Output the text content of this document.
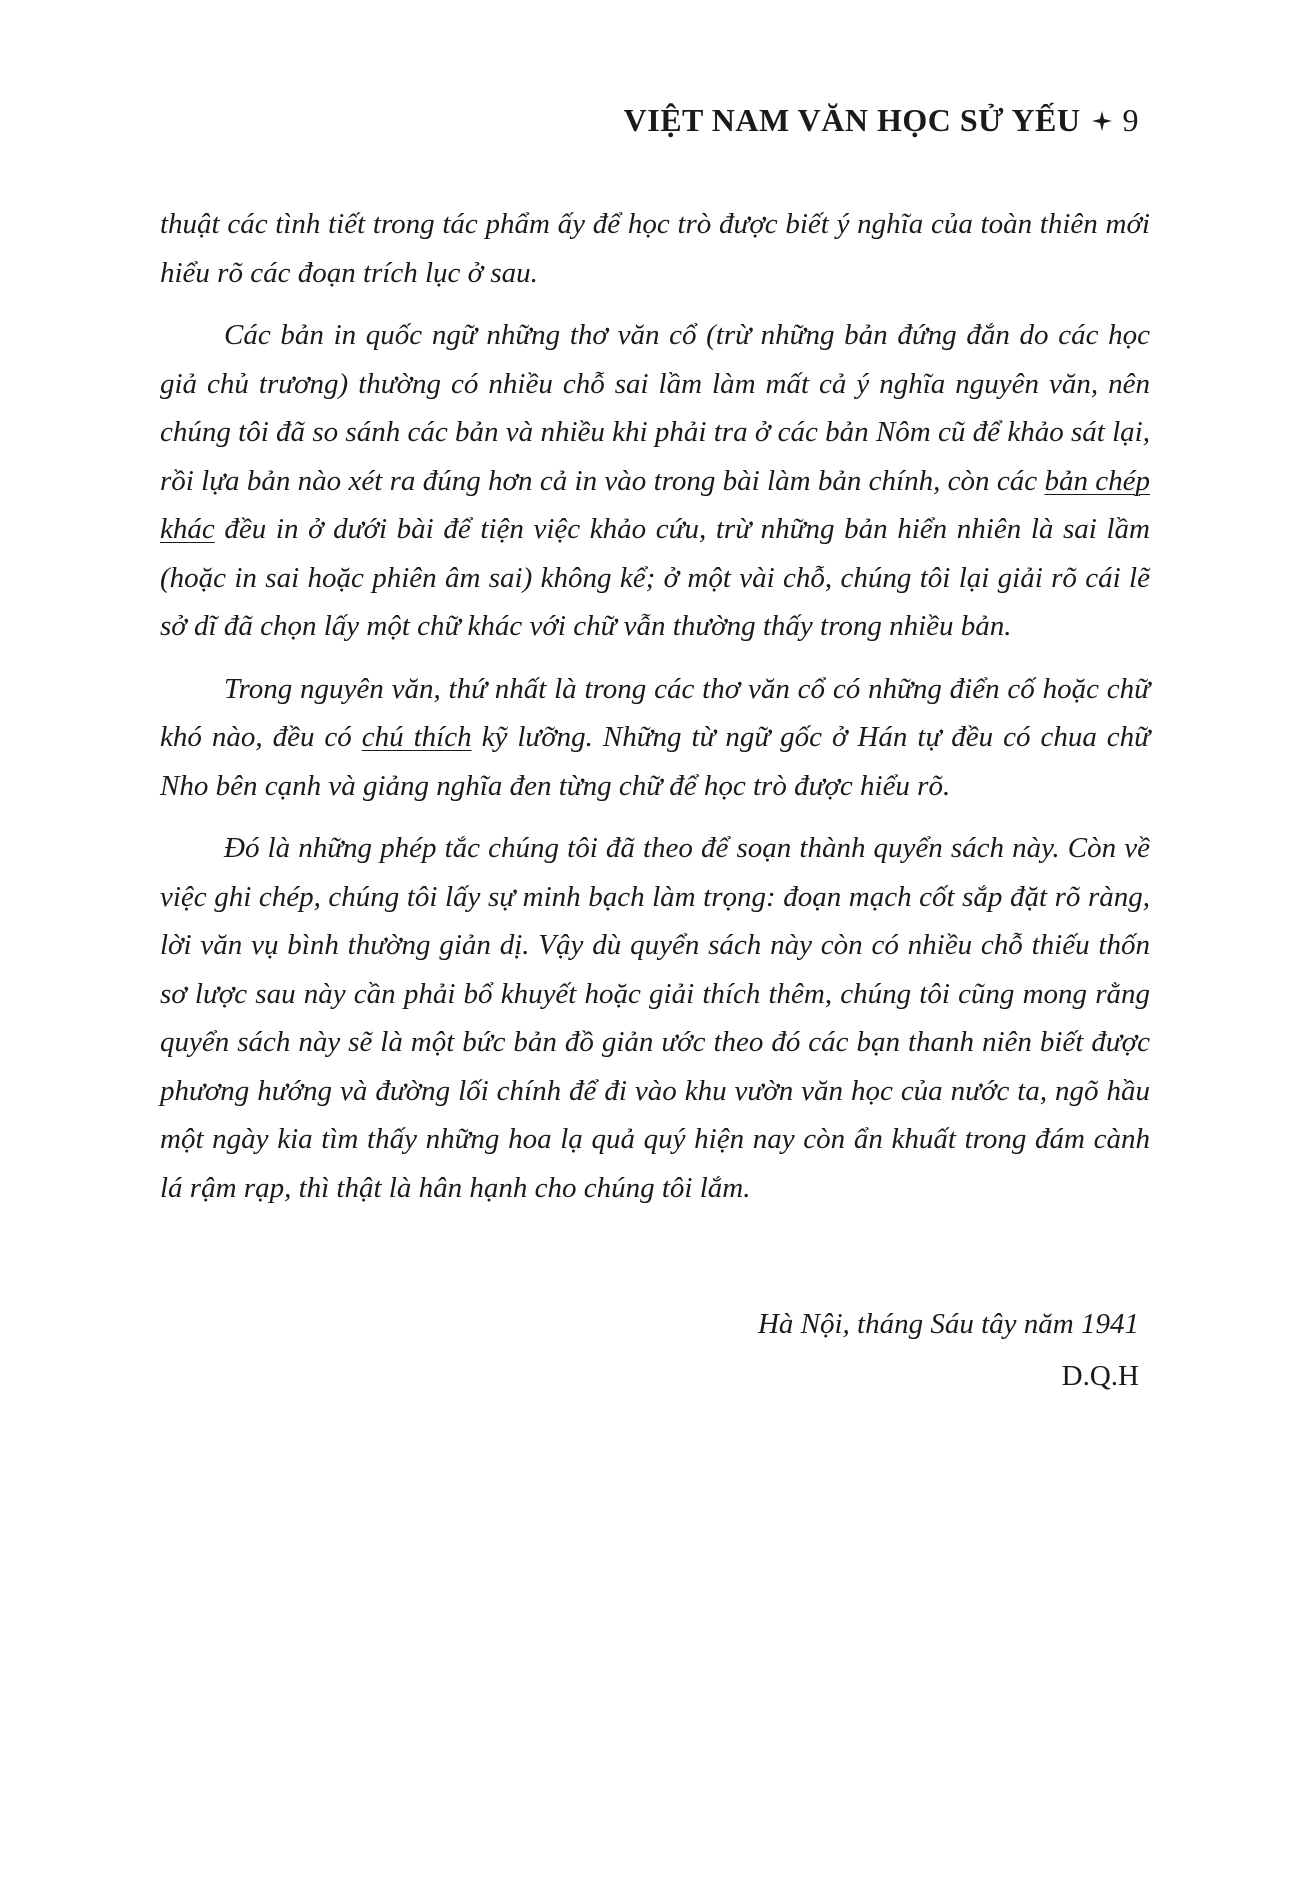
VIỆT NAM VĂN HỌC SỬ YẾU 9

thuật các tình tiết trong tác phẩm ấy để học trò được biết ý nghĩa của toàn thiên mới hiểu rõ các đoạn trích lục ở sau.

Các bản in quốc ngữ những thơ văn cổ (trừ những bản đứng đắn do các học giả chủ trương) thường có nhiều chỗ sai lầm làm mất cả ý nghĩa nguyên văn, nên chúng tôi đã so sánh các bản và nhiều khi phải tra ở các bản Nôm cũ để khảo sát lại, rồi lựa bản nào xét ra đúng hơn cả in vào trong bài làm bản chính, còn các bản chép khác đều in ở dưới bài để tiện việc khảo cứu, trừ những bản hiển nhiên là sai lầm (hoặc in sai hoặc phiên âm sai) không kể; ở một vài chỗ, chúng tôi lại giải rõ cái lẽ sở dĩ đã chọn lấy một chữ khác với chữ vẫn thường thấy trong nhiều bản.

Trong nguyên văn, thứ nhất là trong các thơ văn cổ có những điển cố hoặc chữ khó nào, đều có chú thích kỹ lưỡng. Những từ ngữ gốc ở Hán tự đều có chua chữ Nho bên cạnh và giảng nghĩa đen từng chữ để học trò được hiểu rõ.

Đó là những phép tắc chúng tôi đã theo để soạn thành quyển sách này. Còn về việc ghi chép, chúng tôi lấy sự minh bạch làm trọng: đoạn mạch cốt sắp đặt rõ ràng, lời văn vụ bình thường giản dị. Vậy dù quyển sách này còn có nhiều chỗ thiếu thốn sơ lược sau này cần phải bổ khuyết hoặc giải thích thêm, chúng tôi cũng mong rằng quyển sách này sẽ là một bức bản đồ giản ước theo đó các bạn thanh niên biết được phương hướng và đường lối chính để đi vào khu vườn văn học của nước ta, ngõ hầu một ngày kia tìm thấy những hoa lạ quả quý hiện nay còn ẩn khuất trong đám cành lá rậm rạp, thì thật là hân hạnh cho chúng tôi lắm.

Hà Nội, tháng Sáu tây năm 1941
D.Q.H
